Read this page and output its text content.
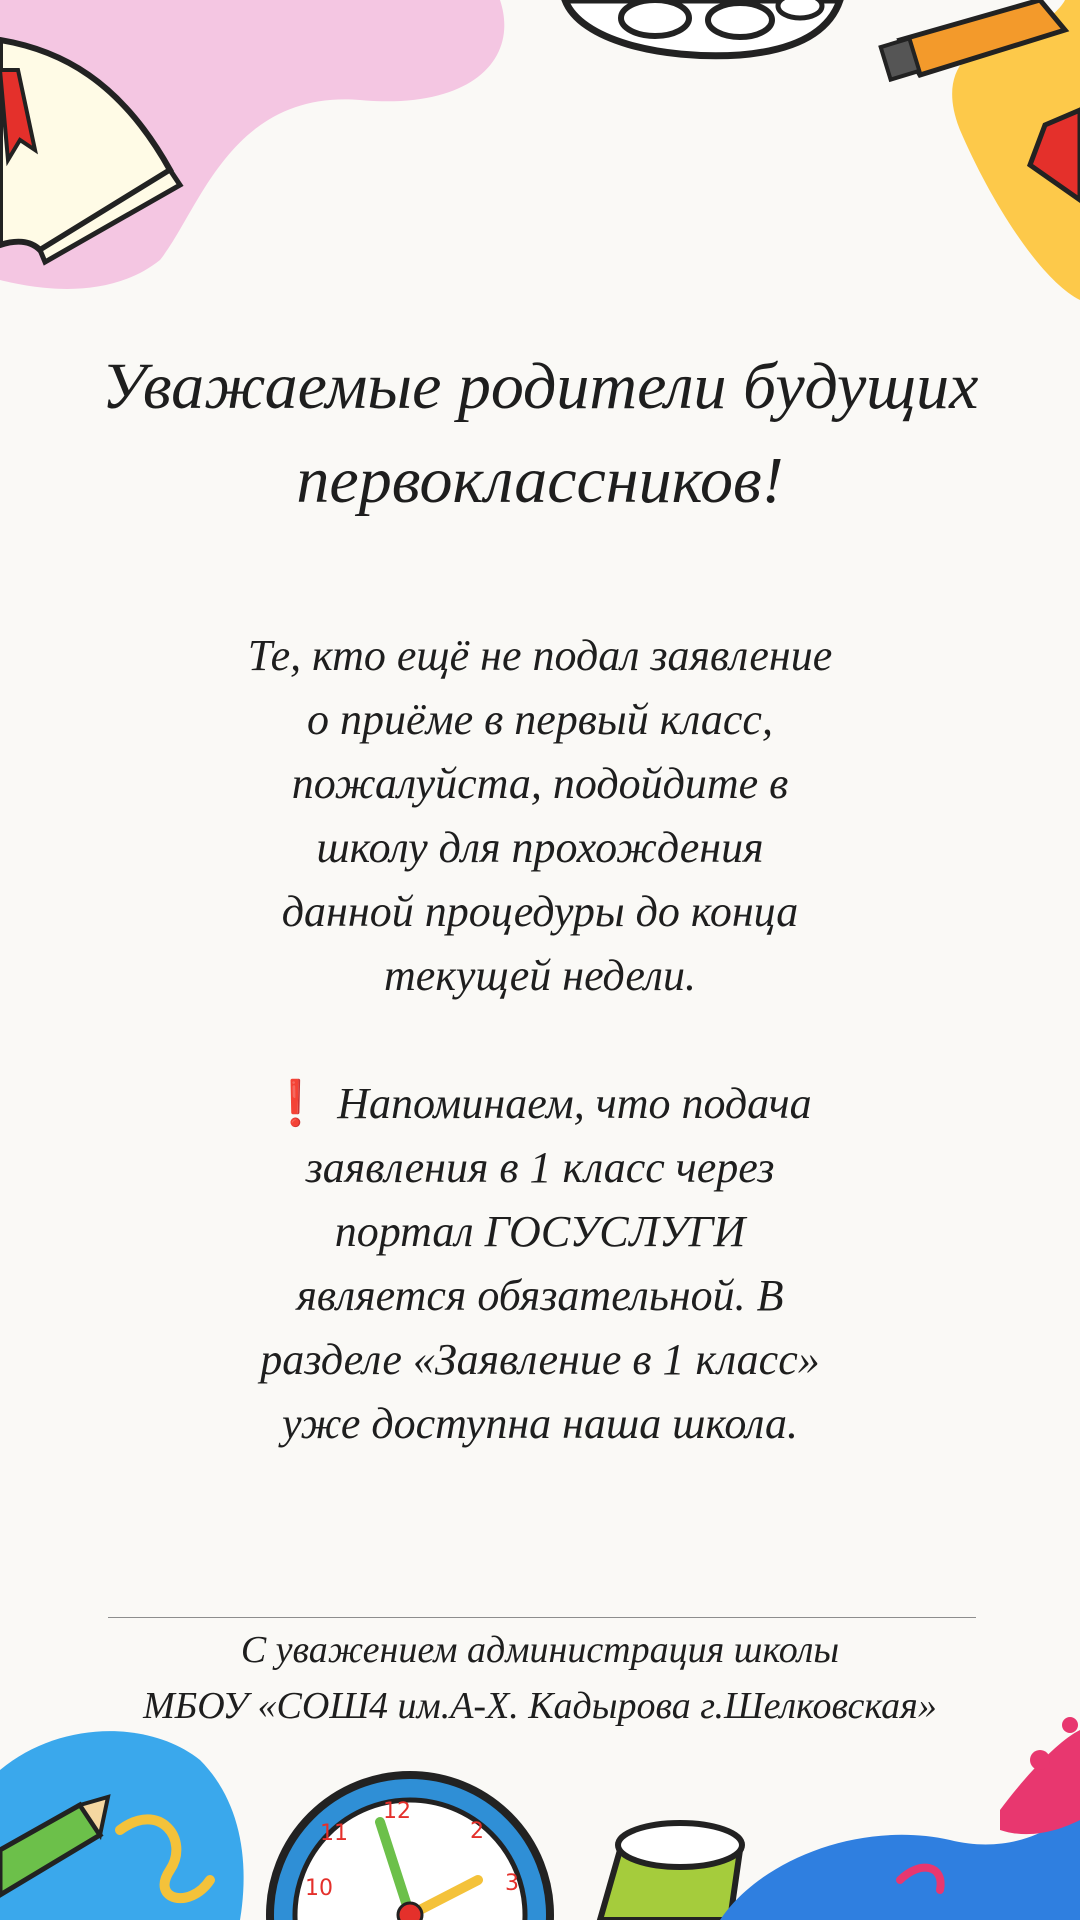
12
2
3
11
10
Уважаемые родители будущих
первоклассников!
Те, кто ещё не подал заявление
о приёме в первый класс,
пожалуйста, подойдите в
школу для прохождения
данной процедуры до конца
текущей недели.
❗ Напоминаем, что подача
заявления в 1 класс через
портал ГОСУСЛУГИ
является обязательной. В
разделе «Заявление в 1 класс»
уже доступна наша школа.
С уважением администрация школы
МБОУ «СОШ4 им.А-Х. Кадырова г.Шелковская»
